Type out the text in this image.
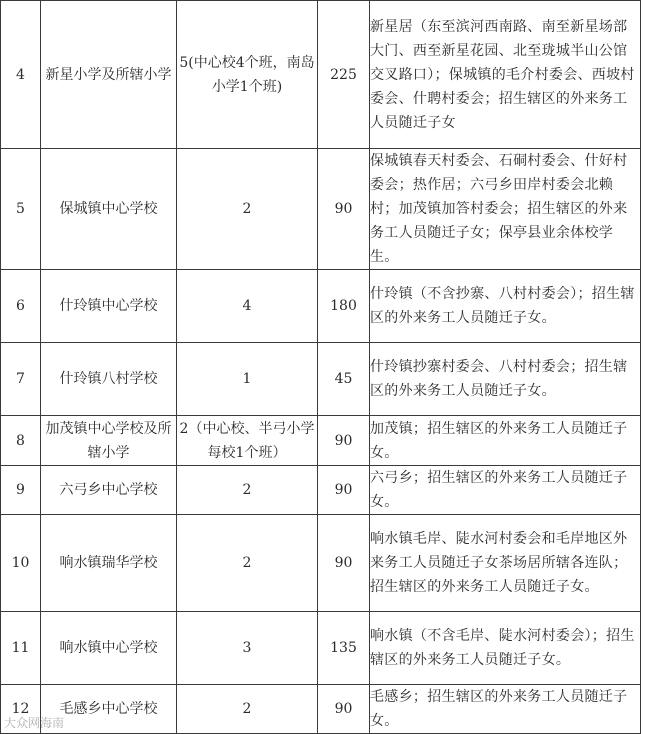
4	新星小学及所辖小学	5(中心校4个班，南岛小学1个班)	225	新星居（东至滨河西南路、南至新星场部大门、西至新星花园、北至珑城半山公馆交叉路口）；保城镇的毛介村委会、西坡村委会、什聘村委会；招生辖区的外来务工人员随迁子女
5	保城镇中心学校	2	90	保城镇春天村委会、石硐村委会、什好村委会；热作居；六弓乡田岸村委会北赖村；加茂镇加答村委会；招生辖区的外来务工人员随迁子女；保亭县业余体校学生。
6	什玲镇中心学校	4	180	什玲镇（不含抄寨、八村村委会）；招生辖区的外来务工人员随迁子女。
7	什玲镇八村学校	1	45	什玲镇抄寨村委会、八村村委会；招生辖区的外来务工人员随迁子女。
8	加茂镇中心学校及所辖小学	2（中心校、半弓小学每校1个班）	90	加茂镇；招生辖区的外来务工人员随迁子女。
9	六弓乡中心学校	2	90	六弓乡；招生辖区的外来务工人员随迁子女。
10	响水镇瑞华学校	2	90	响水镇毛岸、陡水河村委会和毛岸地区外来务工人员随迁子女茶场居所辖各连队；招生辖区的外来务工人员随迁子女。
11	响水镇中心学校	3	135	响水镇（不含毛岸、陡水河村委会）；招生辖区的外来务工人员随迁子女。
12	毛感乡中心学校	2	90	毛感乡；招生辖区的外来务工人员随迁子女。
大众网海南
